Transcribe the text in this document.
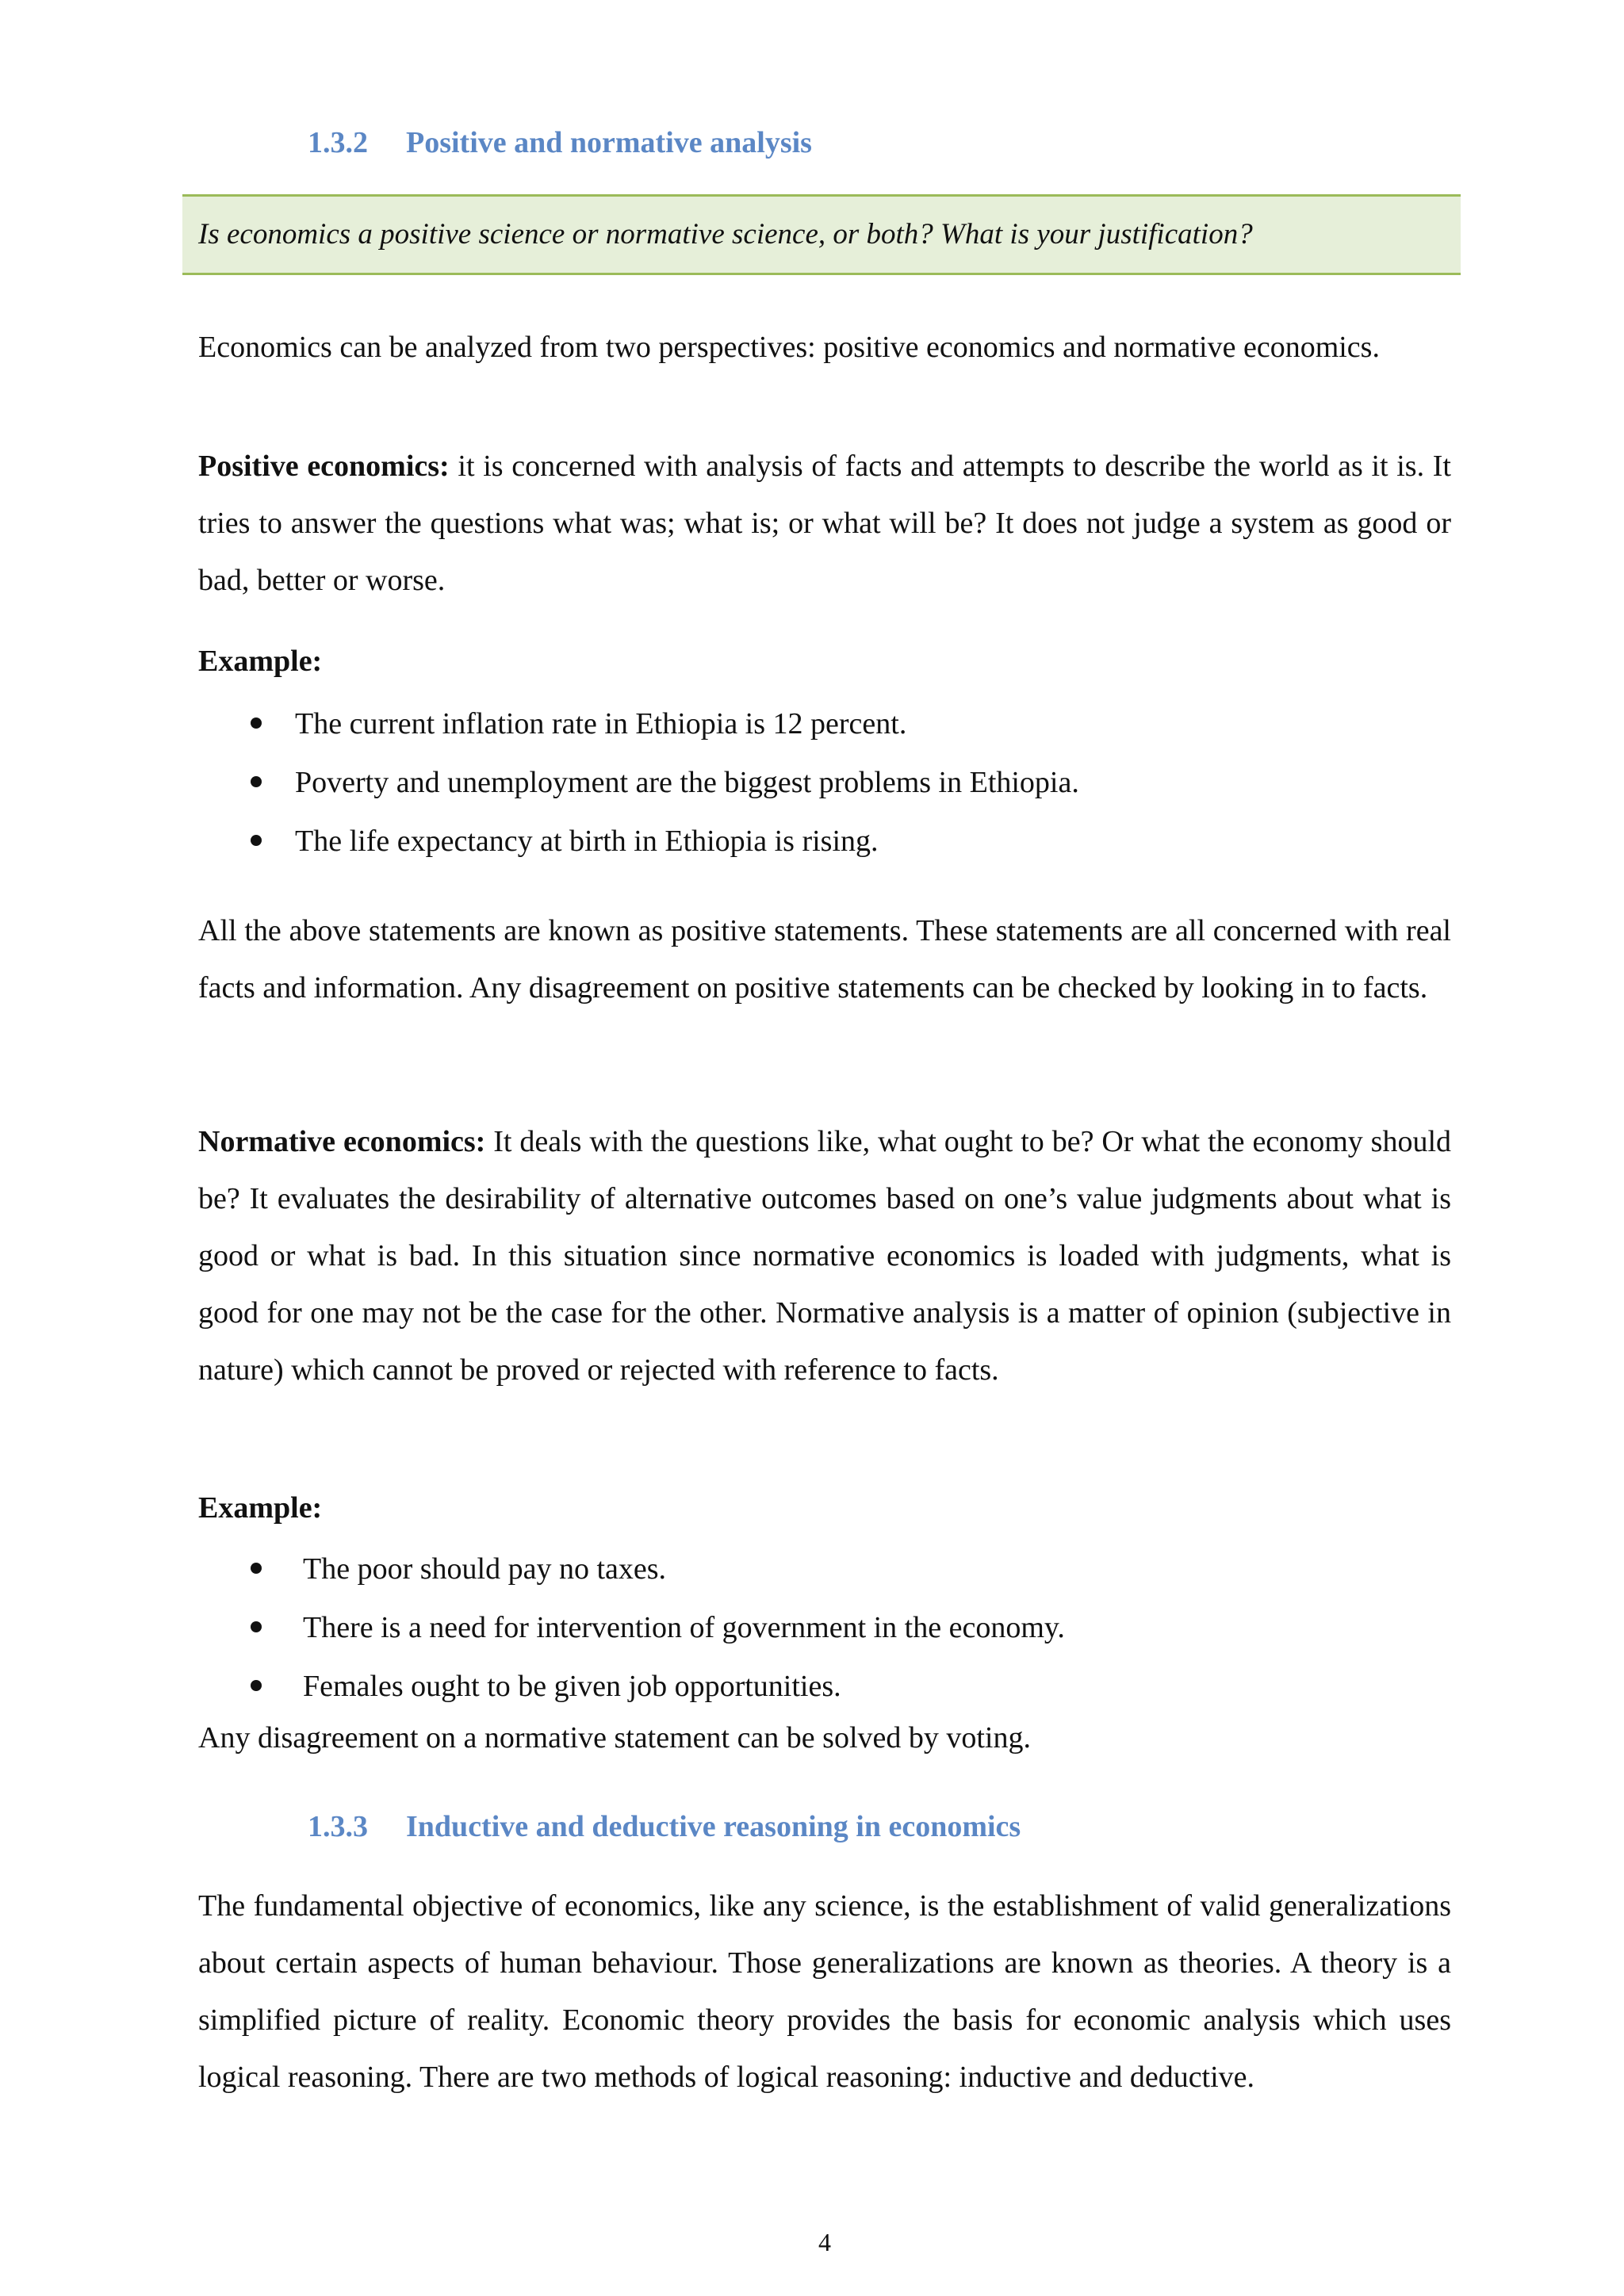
1.3.2 Positive and normative analysis

Is economics a positive science or normative science, or both? What is your justification?

Economics can be analyzed from two perspectives: positive economics and normative economics.

Positive economics: it is concerned with analysis of facts and attempts to describe the world as it is. It tries to answer the questions what was; what is; or what will be? It does not judge a system as good or bad, better or worse.

Example:

The current inflation rate in Ethiopia is 12 percent.
Poverty and unemployment are the biggest problems in Ethiopia.
The life expectancy at birth in Ethiopia is rising.

All the above statements are known as positive statements. These statements are all concerned with real facts and information. Any disagreement on positive statements can be checked by looking in to facts.

Normative economics: It deals with the questions like, what ought to be? Or what the economy should be? It evaluates the desirability of alternative outcomes based on one’s value judgments about what is good or what is bad. In this situation since normative economics is loaded with judgments, what is good for one may not be the case for the other. Normative analysis is a matter of opinion (subjective in nature) which cannot be proved or rejected with reference to facts.

Example:

The poor should pay no taxes.
There is a need for intervention of government in the economy.
Females ought to be given job opportunities.

Any disagreement on a normative statement can be solved by voting.

1.3.3 Inductive and deductive reasoning in economics

The fundamental objective of economics, like any science, is the establishment of valid generalizations about certain aspects of human behaviour. Those generalizations are known as theories. A theory is a simplified picture of reality. Economic theory provides the basis for economic analysis which uses logical reasoning. There are two methods of logical reasoning: inductive and deductive.

4
